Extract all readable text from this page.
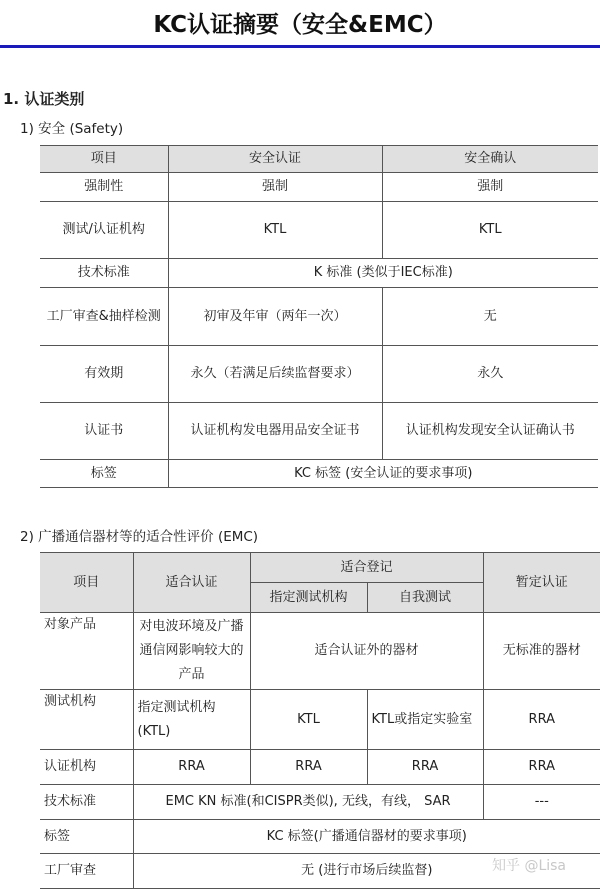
KC认证摘要（安全&EMC）
1. 认证类别
1) 安全 (Safety)
项目	安全认证	安全确认
强制性	强制	强制
测试/认证机构	KTL	KTL
技术标准	K 标准 (类似于IEC标准)	
工厂审查&抽样检测	初审及年审（两年一次）	无
有效期	永久（若满足后续监督要求）	永久
认证书	认证机构发电器用品安全证书	认证机构发现安全认证确认书
标签	KC 标签 (安全认证的要求事项)	
2) 广播通信器材等的适合性评价 (EMC)
项目	适合认证	适合登记		暂定认证
		指定测试机构	自我测试	
对象产品	对电波环境及广播通信网影响较大的产品	适合认证外的器材		无标准的器材
测试机构	指定测试机构(KTL)	KTL	KTL或指定实验室	RRA
认证机构	RRA	RRA	RRA	RRA
技术标准	EMC KN 标准(和CISPR类似), 无线，有线， SAR			---
标签	KC 标签(广播通信器材的要求事项)			
工厂审查	无 (进行市场后续监督)				知乎 @Lisa
